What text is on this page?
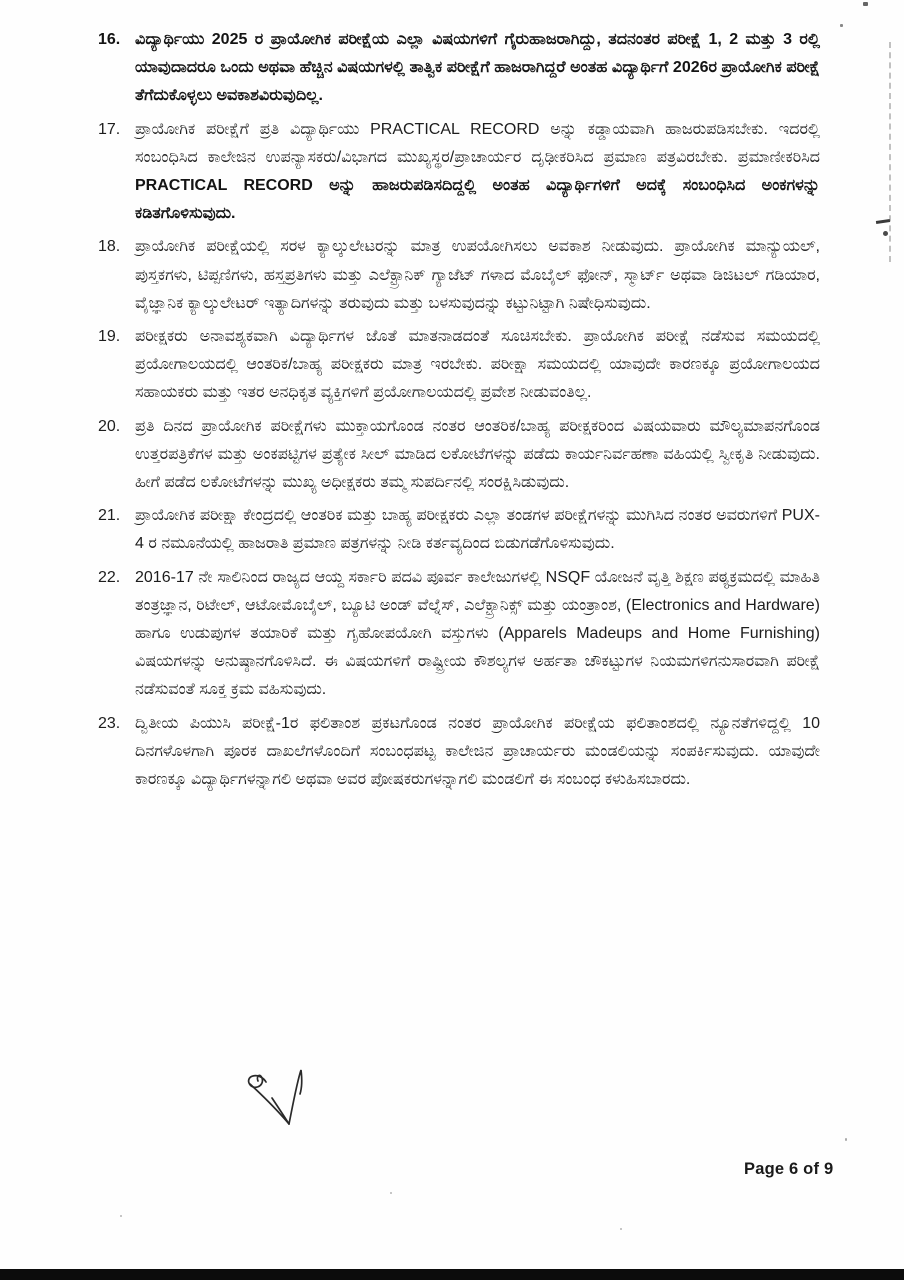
16. ವಿದ್ಯಾರ್ಥಿಯು 2025 ರ ಪ್ರಾಯೋಗಿಕ ಪರೀಕ್ಷೆಯ ಎಲ್ಲಾ ವಿಷಯಗಳಿಗೆ ಗೈರುಹಾಜರಾಗಿದ್ದು, ತದನಂತರ ಪರೀಕ್ಷೆ 1, 2 ಮತ್ತು 3 ರಲ್ಲಿ ಯಾವುದಾದರೂ ಒಂದು ಅಥವಾ ಹೆಚ್ಚಿನ ವಿಷಯಗಳಲ್ಲಿ ತಾತ್ವಿಕ ಪರೀಕ್ಷೆಗೆ ಹಾಜರಾಗಿದ್ದರೆ ಅಂತಹ ವಿದ್ಯಾರ್ಥಿಗೆ 2026ರ ಪ್ರಾಯೋಗಿಕ ಪರೀಕ್ಷೆ ತೆಗೆದುಕೊಳ್ಳಲು ಅವಕಾಶವಿರುವುದಿಲ್ಲ.
17. ಪ್ರಾಯೋಗಿಕ ಪರೀಕ್ಷೆಗೆ ಪ್ರತಿ ವಿದ್ಯಾರ್ಥಿಯು PRACTICAL RECORD ಅನ್ನು ಕಡ್ಡಾಯವಾಗಿ ಹಾಜರುಪಡಿಸಬೇಕು. ಇದರಲ್ಲಿ ಸಂಬಂಧಿಸಿದ ಕಾಲೇಜಿನ ಉಪನ್ಯಾಸಕರು/ವಿಭಾಗದ ಮುಖ್ಯಸ್ಥರ/ಪ್ರಾಚಾರ್ಯರ ದೃಢೀಕರಿಸಿದ ಪ್ರಮಾಣ ಪತ್ರವಿರಬೇಕು. ಪ್ರಮಾಣೀಕರಿಸಿದ PRACTICAL RECORD ಅನ್ನು ಹಾಜರುಪಡಿಸದಿದ್ದಲ್ಲಿ ಅಂತಹ ವಿದ್ಯಾರ್ಥಿಗಳಿಗೆ ಅದಕ್ಕೆ ಸಂಬಂಧಿಸಿದ ಅಂಕಗಳನ್ನು ಕಡಿತಗೊಳಿಸುವುದು.
18. ಪ್ರಾಯೋಗಿಕ ಪರೀಕ್ಷೆಯಲ್ಲಿ ಸರಳ ಕ್ಯಾಲ್ಕುಲೇಟರನ್ನು ಮಾತ್ರ ಉಪಯೋಗಿಸಲು ಅವಕಾಶ ನೀಡುವುದು. ಪ್ರಾಯೋಗಿಕ ಮಾನ್ಯುಯಲ್, ಪುಸ್ತಕಗಳು, ಟಿಪ್ಪಣಿಗಳು, ಹಸ್ತಪ್ರತಿಗಳು ಮತ್ತು ಎಲೆಕ್ಟ್ರಾನಿಕ್ ಗ್ಯಾಜೆಟ್ ಗಳಾದ ಮೊಬೈಲ್ ಫೋನ್, ಸ್ಮಾರ್ಟ್ ಅಥವಾ ಡಿಜಿಟಲ್ ಗಡಿಯಾರ, ವೈಜ್ಞಾನಿಕ ಕ್ಯಾಲ್ಕುಲೇಟರ್ ಇತ್ಯಾದಿಗಳನ್ನು ತರುವುದು ಮತ್ತು ಬಳಸುವುದನ್ನು ಕಟ್ಟುನಿಟ್ಟಾಗಿ ನಿಷೇಧಿಸುವುದು.
19. ಪರೀಕ್ಷಕರು ಅನಾವಶ್ಯಕವಾಗಿ ವಿದ್ಯಾರ್ಥಿಗಳ ಜೊತೆ ಮಾತನಾಡದಂತೆ ಸೂಚಿಸಬೇಕು. ಪ್ರಾಯೋಗಿಕ ಪರೀಕ್ಷೆ ನಡೆಸುವ ಸಮಯದಲ್ಲಿ ಪ್ರಯೋಗಾಲಯದಲ್ಲಿ ಆಂತರಿಕ/ಬಾಹ್ಯ ಪರೀಕ್ಷಕರು ಮಾತ್ರ ಇರಬೇಕು. ಪರೀಕ್ಷಾ ಸಮಯದಲ್ಲಿ ಯಾವುದೇ ಕಾರಣಕ್ಕೂ ಪ್ರಯೋಗಾಲಯದ ಸಹಾಯಕರು ಮತ್ತು ಇತರ ಅನಧಿಕೃತ ವ್ಯಕ್ತಿಗಳಿಗೆ ಪ್ರಯೋಗಾಲಯದಲ್ಲಿ ಪ್ರವೇಶ ನೀಡುವಂತಿಲ್ಲ.
20. ಪ್ರತಿ ದಿನದ ಪ್ರಾಯೋಗಿಕ ಪರೀಕ್ಷೆಗಳು ಮುಕ್ತಾಯಗೊಂಡ ನಂತರ ಆಂತರಿಕ/ಬಾಹ್ಯ ಪರೀಕ್ಷಕರಿಂದ ವಿಷಯವಾರು ಮೌಲ್ಯಮಾಪನಗೊಂಡ ಉತ್ತರಪತ್ರಿಕೆಗಳ ಮತ್ತು ಅಂಕಪಟ್ಟಿಗಳ ಪ್ರತ್ಯೇಕ ಸೀಲ್ ಮಾಡಿದ ಲಕೋಟೆಗಳನ್ನು ಪಡೆದು ಕಾರ್ಯನಿರ್ವಹಣಾ ವಹಿಯಲ್ಲಿ ಸ್ವೀಕೃತಿ ನೀಡುವುದು. ಹೀಗೆ ಪಡೆದ ಲಕೋಟೆಗಳನ್ನು ಮುಖ್ಯ ಅಧೀಕ್ಷಕರು ತಮ್ಮ ಸುಪರ್ದಿನಲ್ಲಿ ಸಂರಕ್ಷಿಸಿಡುವುದು.
21. ಪ್ರಾಯೋಗಿಕ ಪರೀಕ್ಷಾ ಕೇಂದ್ರದಲ್ಲಿ ಆಂತರಿಕ ಮತ್ತು ಬಾಹ್ಯ ಪರೀಕ್ಷಕರು ಎಲ್ಲಾ ತಂಡಗಳ ಪರೀಕ್ಷೆಗಳನ್ನು ಮುಗಿಸಿದ ನಂತರ ಅವರುಗಳಿಗೆ PUX-4 ರ ನಮೂನೆಯಲ್ಲಿ ಹಾಜರಾತಿ ಪ್ರಮಾಣ ಪತ್ರಗಳನ್ನು ನೀಡಿ ಕರ್ತವ್ಯದಿಂದ ಬಿಡುಗಡೆಗೊಳಿಸುವುದು.
22. 2016-17 ನೇ ಸಾಲಿನಿಂದ ರಾಜ್ಯದ ಆಯ್ದ ಸರ್ಕಾರಿ ಪದವಿ ಪೂರ್ವ ಕಾಲೇಜುಗಳಲ್ಲಿ NSQF ಯೋಜನೆ ವೃತ್ತಿ ಶಿಕ್ಷಣ ಪಠ್ಯಕ್ರಮದಲ್ಲಿ ಮಾಹಿತಿ ತಂತ್ರಜ್ಞಾನ, ರಿಟೇಲ್, ಆಟೋಮೊಬೈಲ್, ಬ್ಯೂಟಿ ಅಂಡ್ ವೆಲ್ನೆಸ್, ಎಲೆಕ್ಟ್ರಾನಿಕ್ಸ್ ಮತ್ತು ಯಂತ್ರಾಂಶ, (Electronics and Hardware) ಹಾಗೂ ಉಡುಪುಗಳ ತಯಾರಿಕೆ ಮತ್ತು ಗೃಹೋಪಯೋಗಿ ವಸ್ತುಗಳು (Apparels Madeups and Home Furnishing) ವಿಷಯಗಳನ್ನು ಅನುಷ್ಠಾನಗೊಳಿಸಿದೆ. ಈ ವಿಷಯಗಳಿಗೆ ರಾಷ್ಟ್ರೀಯ ಕೌಶಲ್ಯಗಳ ಅರ್ಹತಾ ಚೌಕಟ್ಟುಗಳ ನಿಯಮಗಳಿಗನುಸಾರವಾಗಿ ಪರೀಕ್ಷೆ ನಡೆಸುವಂತೆ ಸೂಕ್ತ ಕ್ರಮ ವಹಿಸುವುದು.
23. ದ್ವಿತೀಯ ಪಿಯುಸಿ ಪರೀಕ್ಷೆ-1ರ ಫಲಿತಾಂಶ ಪ್ರಕಟಗೊಂಡ ನಂತರ ಪ್ರಾಯೋಗಿಕ ಪರೀಕ್ಷೆಯ ಫಲಿತಾಂಶದಲ್ಲಿ ನ್ಯೂನತೆಗಳಿದ್ದಲ್ಲಿ 10 ದಿನಗಳೊಳಗಾಗಿ ಪೂರಕ ದಾಖಲೆಗಳೊಂದಿಗೆ ಸಂಬಂಧಪಟ್ಟ ಕಾಲೇಜಿನ ಪ್ರಾಚಾರ್ಯರು ಮಂಡಲಿಯನ್ನು ಸಂಪರ್ಕಿಸುವುದು. ಯಾವುದೇ ಕಾರಣಕ್ಕೂ ವಿದ್ಯಾರ್ಥಿಗಳನ್ನಾಗಲಿ ಅಥವಾ ಅವರ ಪೋಷಕರುಗಳನ್ನಾಗಲಿ ಮಂಡಲಿಗೆ ಈ ಸಂಬಂಧ ಕಳುಹಿಸಬಾರದು.
Page 6 of 9
